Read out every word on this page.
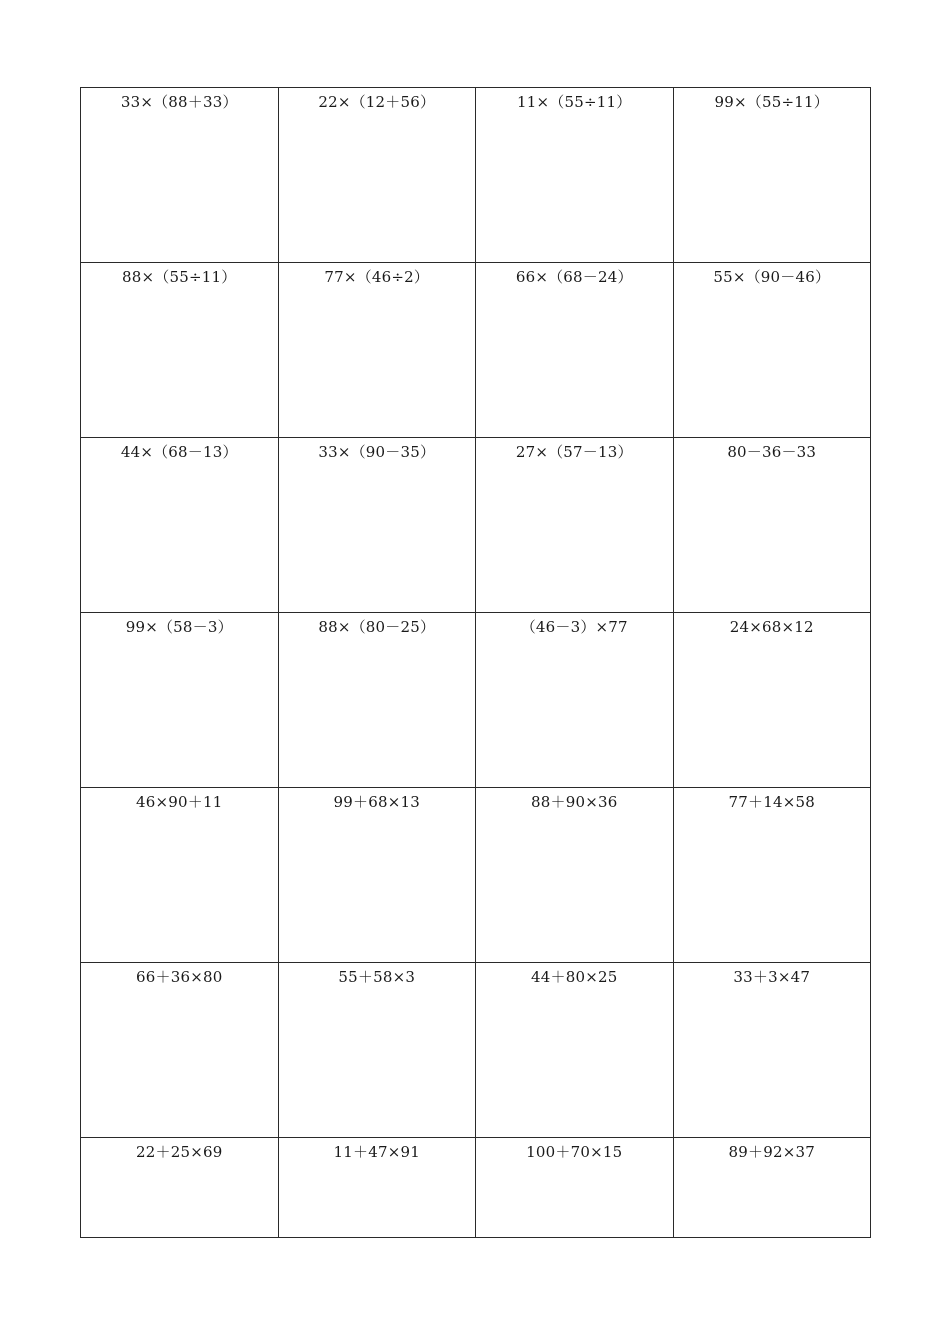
33×（88＋33）	22×（12＋56）	11×（55÷11）	99×（55÷11）
88×（55÷11）	77×（46÷2）	66×（68－24）	55×（90－46）
44×（68－13）	33×（90－35）	27×（57－13）	80－36－33
99×（58－3）	88×（80－25）	（46－3）×77	24×68×12
46×90＋11	99＋68×13	88＋90×36	77＋14×58
66＋36×80	55＋58×3	44＋80×25	33＋3×47
22＋25×69	11＋47×91	100＋70×15	89＋92×37
